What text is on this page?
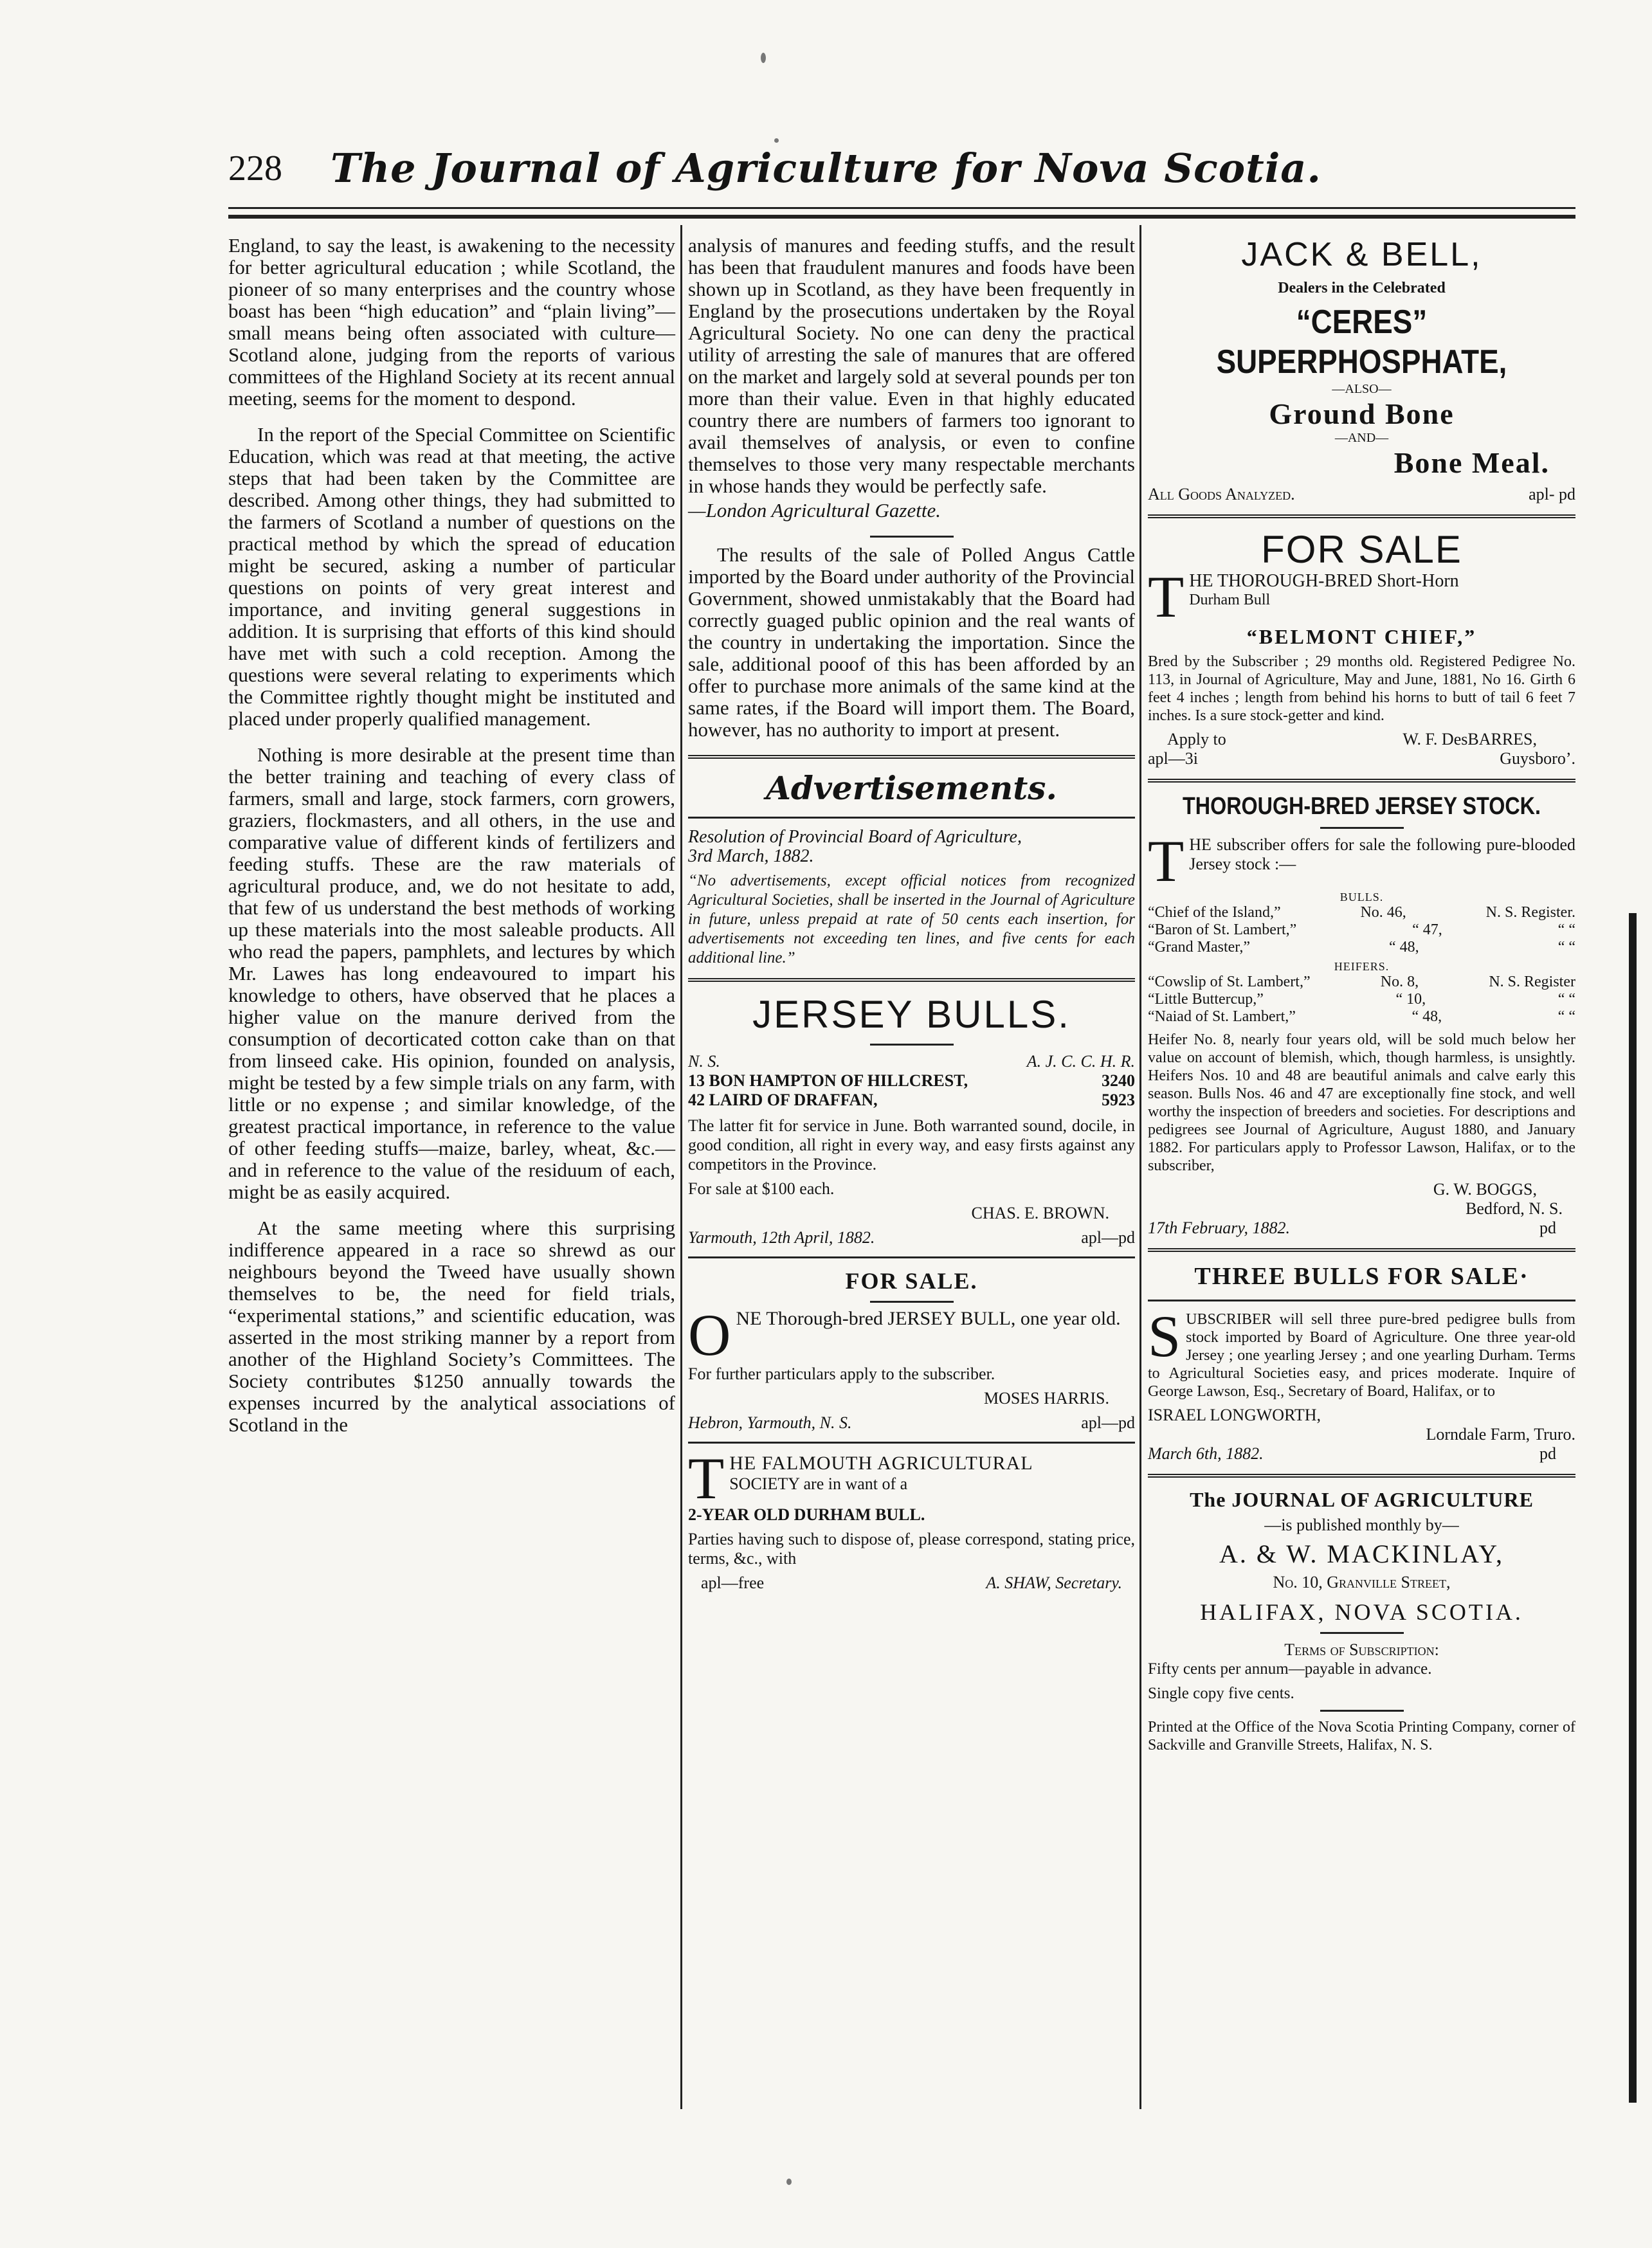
228	The Journal of Agriculture for Nova Scotia.

England, to say the least, is awakening to the necessity for better agricultural education ; while Scotland, the pioneer of so many enterprises and the country whose boast has been “high education” and “plain living”—small means being often associated with culture—Scotland alone, judging from the reports of various committees of the Highland Society at its recent annual meeting, seems for the moment to despond.

In the report of the Special Committee on Scientific Education, which was read at that meeting, the active steps that had been taken by the Committee are described. Among other things, they had submitted to the farmers of Scotland a number of questions on the practical method by which the spread of education might be secured, asking a number of particular questions on points of very great interest and importance, and inviting general suggestions in addition. It is surprising that efforts of this kind should have met with such a cold reception. Among the questions were several relating to experiments which the Committee rightly thought might be instituted and placed under properly qualified management.

Nothing is more desirable at the present time than the better training and teaching of every class of farmers, small and large, stock farmers, corn growers, graziers, flockmasters, and all others, in the use and comparative value of different kinds of fertilizers and feeding stuffs. These are the raw materials of agricultural produce, and, we do not hesitate to add, that few of us understand the best methods of working up these materials into the most saleable products. All who read the papers, pamphlets, and lectures by which Mr. Lawes has long endeavoured to impart his knowledge to others, have observed that he places a higher value on the manure derived from the consumption of decorticated cotton cake than on that from linseed cake. His opinion, founded on analysis, might be tested by a few simple trials on any farm, with little or no expense ; and similar knowledge, of the greatest practical importance, in reference to the value of other feeding stuffs—maize, barley, wheat, &c.—and in reference to the value of the residuum of each, might be as easily acquired.

At the same meeting where this surprising indifference appeared in a race so shrewd as our neighbours beyond the Tweed have usually shown themselves to be, the need for field trials, “experimental stations,” and scientific education, was asserted in the most striking manner by a report from another of the Highland Society’s Committees. The Society contributes $1250 annually towards the expenses incurred by the analytical associations of Scotland in the

analysis of manures and feeding stuffs, and the result has been that fraudulent manures and foods have been shown up in Scotland, as they have been frequently in England by the prosecutions undertaken by the Royal Agricultural Society. No one can deny the practical utility of arresting the sale of manures that are offered on the market and largely sold at several pounds per ton more than their value. Even in that highly educated country there are numbers of farmers too ignorant to avail themselves of analysis, or even to confine themselves to those very many respectable merchants in whose hands they would be perfectly safe.

—London Agricultural Gazette.

The results of the sale of Polled Angus Cattle imported by the Board under authority of the Provincial Government, showed unmistakably that the Board had correctly guaged public opinion and the real wants of the country in undertaking the importation. Since the sale, additional pooof of this has been afforded by an offer to purchase more animals of the same kind at the same rates, if the Board will import them. The Board, however, has no authority to import at present.

Advertisements.

Resolution of Provincial Board of Agriculture,

3rd March, 1882.

“No advertisements, except official notices from recognized Agricultural Societies, shall be inserted in the Journal of Agriculture in future, unless prepaid at rate of 50 cents each insertion, for advertisements not exceeding ten lines, and five cents for each additional line.”

JERSEY BULLS.
N. S.	A. J. C. C. H. R.
13 BON HAMPTON OF HILLCREST,	3240
42 LAIRD OF DRAFFAN,	5923

The latter fit for service in June. Both warranted sound, docile, in good condition, all right in every way, and easy firsts against any competitors in the Province.

For sale at $100 each.

CHAS. E. BROWN.

Yarmouth, 12th April, 1882.	apl—pd
FOR SALE.

ONE Thorough-bred JERSEY BULL, one year old.

For further particulars apply to the subscriber.

MOSES HARRIS.

Hebron, Yarmouth, N. S.	apl—pd
T HE FALMOUTH AGRICULTURAL
SOCIETY are in want of a

2-YEAR OLD DURHAM BULL.

Parties having such to dispose of, please correspond, stating price, terms, &c., with

apl—free	A. SHAW, Secretary.
JACK & BELL,
Dealers in the Celebrated
“CERES” SUPERPHOSPHATE,
—ALSO—
Ground Bone
—AND—
Bone Meal.
All Goods Analyzed.	apl- pd
FOR SALE
T HE THOROUGH-BRED Short-Horn
Durham Bull
“BELMONT CHIEF,”

Bred by the Subscriber ; 29 months old. Registered Pedigree No. 113, in Journal of Agriculture, May and June, 1881, No 16. Girth 6 feet 4 inches ; length from behind his horns to butt of tail 6 feet 7 inches. Is a sure stock-getter and kind.

Apply to	W. F. DesBARRES,
apl—3i	Guysboro’.
THOROUGH-BRED JERSEY STOCK.

THE subscriber offers for sale the following pure-blooded Jersey stock :—

BULLS.
“Chief of the Island,”	No. 46,	N. S. Register.
“Baron of St. Lambert,”	“ 47,	“ “
“Grand Master,”	“ 48,	“ “
HEIFERS.
“Cowslip of St. Lambert,”	No. 8,	N. S. Register
“Little Buttercup,”	“ 10,	“ “
“Naiad of St. Lambert,”	“ 48,	“ “

Heifer No. 8, nearly four years old, will be sold much below her value on account of blemish, which, though harmless, is unsightly. Heifers Nos. 10 and 48 are beautiful animals and calve early this season. Bulls Nos. 46 and 47 are exceptionally fine stock, and well worthy the inspection of breeders and societies. For descriptions and pedigrees see Journal of Agriculture, August 1880, and January 1882. For particulars apply to Professor Lawson, Halifax, or to the subscriber,

G. W. BOGGS,

Bedford, N. S.

17th February, 1882.	pd
THREE BULLS FOR SALE·

SUBSCRIBER will sell three pure-bred pedigree bulls from stock imported by Board of Agriculture. One three year-old Jersey ; one yearling Jersey ; and one yearling Durham. Terms to Agricultural Societies easy, and prices moderate. Inquire of George Lawson, Esq., Secretary of Board, Halifax, or to

ISRAEL LONGWORTH,

Lorndale Farm, Truro.

March 6th, 1882.	pd
The JOURNAL OF AGRICULTURE
—is published monthly by—
A. & W. MACKINLAY,
No. 10, Granville Street,
HALIFAX, NOVA SCOTIA.
Terms of Subscription:

Fifty cents per annum—payable in advance.

Single copy five cents.

Printed at the Office of the Nova Scotia Printing Company, corner of Sackville and Granville Streets, Halifax, N. S.
